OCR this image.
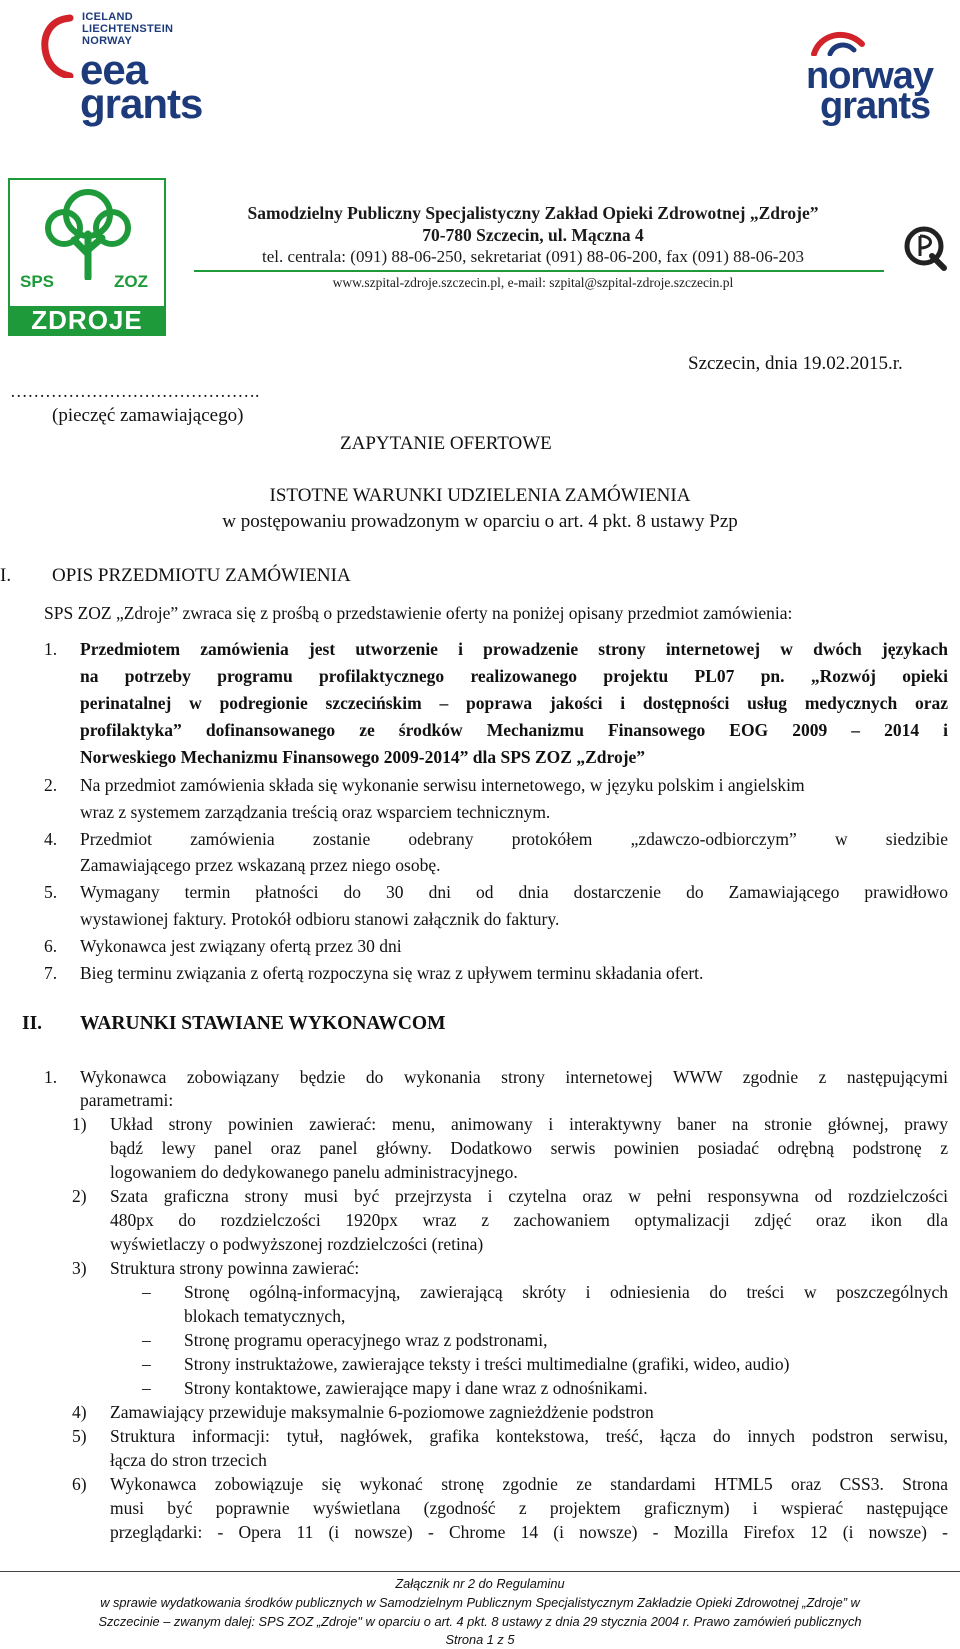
ICELAND
LIECHTENSTEIN
NORWAY
eea
grants
norway
grants
SPS	ZOZ
ZDROJE
Samodzielny Publiczny Specjalistyczny Zakład Opieki Zdrowotnej „Zdroje”
70-780 Szczecin, ul. Mączna 4
tel. centrala: (091) 88-06-250, sekretariat (091) 88-06-200, fax (091) 88-06-203
www.szpital-zdroje.szczecin.pl, e-mail: szpital@szpital-zdroje.szczecin.pl
…………………………………….
(pieczęć zamawiającego)
Szczecin, dnia 19.02.2015.r.
ZAPYTANIE OFERTOWE
ISTOTNE WARUNKI UDZIELENIA ZAMÓWIENIA
w postępowaniu prowadzonym w oparciu o art. 4 pkt. 8 ustawy Pzp
I. OPIS PRZEDMIOTU ZAMÓWIENIA
SPS ZOZ „Zdroje” zwraca się z prośbą o przedstawienie oferty na poniżej opisany przedmiot zamówienia:
1. Przedmiotem zamówienia jest utworzenie i prowadzenie strony internetowej w dwóch językach
na potrzeby programu profilaktycznego realizowanego projektu PL07 pn. „Rozwój opieki
perinatalnej w podregionie szczecińskim – poprawa jakości i dostępności usług medycznych oraz
profilaktyka” dofinansowanego ze środków Mechanizmu Finansowego EOG 2009 – 2014 i
Norweskiego Mechanizmu Finansowego 2009-2014” dla SPS ZOZ „Zdroje”
2. Na przedmiot zamówienia składa się wykonanie serwisu internetowego, w języku polskim i angielskim
wraz z systemem zarządzania treścią oraz wsparciem technicznym.
4. Przedmiot zamówienia zostanie odebrany protokółem „zdawczo-odbiorczym” w siedzibie
Zamawiającego przez wskazaną przez niego osobę.
5. Wymagany termin płatności do 30 dni od dnia dostarczenie do Zamawiającego prawidłowo
wystawionej faktury. Protokół odbioru stanowi załącznik do faktury.
6. Wykonawca jest związany ofertą przez 30 dni
7. Bieg terminu związania z ofertą rozpoczyna się wraz z upływem terminu składania ofert.
II. WARUNKI STAWIANE WYKONAWCOM
1. Wykonawca zobowiązany będzie do wykonania strony internetowej WWW zgodnie z następującymi
parametrami:
1) Układ strony powinien zawierać: menu, animowany i interaktywny baner na stronie głównej, prawy
bądź lewy panel oraz panel główny. Dodatkowo serwis powinien posiadać odrębną podstronę z
logowaniem do dedykowanego panelu administracyjnego.
2) Szata graficzna strony musi być przejrzysta i czytelna oraz w pełni responsywna od rozdzielczości
480px do rozdzielczości 1920px wraz z zachowaniem optymalizacji zdjęć oraz ikon dla
wyświetlaczy o podwyższonej rozdzielczości (retina)
3) Struktura strony powinna zawierać:
– Stronę ogólną-informacyjną, zawierającą skróty i odniesienia do treści w poszczególnych
blokach tematycznych,
– Stronę programu operacyjnego wraz z podstronami,
– Strony instruktażowe, zawierające teksty i treści multimedialne (grafiki, wideo, audio)
– Strony kontaktowe, zawierające mapy i dane wraz z odnośnikami.
4) Zamawiający przewiduje maksymalnie 6-poziomowe zagnieżdżenie podstron
5) Struktura informacji: tytuł, nagłówek, grafika kontekstowa, treść, łącza do innych podstron serwisu,
łącza do stron trzecich
6) Wykonawca zobowiązuje się wykonać stronę zgodnie ze standardami HTML5 oraz CSS3. Strona
musi być poprawnie wyświetlana (zgodność z projektem graficznym) i wspierać następujące
przeglądarki: - Opera 11 (i nowsze) - Chrome 14 (i nowsze) - Mozilla Firefox 12 (i nowsze) -
Załącznik nr 2 do Regulaminu
w sprawie wydatkowania środków publicznych w Samodzielnym Publicznym Specjalistycznym Zakładzie Opieki Zdrowotnej „Zdroje” w
Szczecinie – zwanym dalej: SPS ZOZ „Zdroje" w oparciu o art. 4 pkt. 8 ustawy z dnia 29 stycznia 2004 r. Prawo zamówień publicznych
Strona 1 z 5
